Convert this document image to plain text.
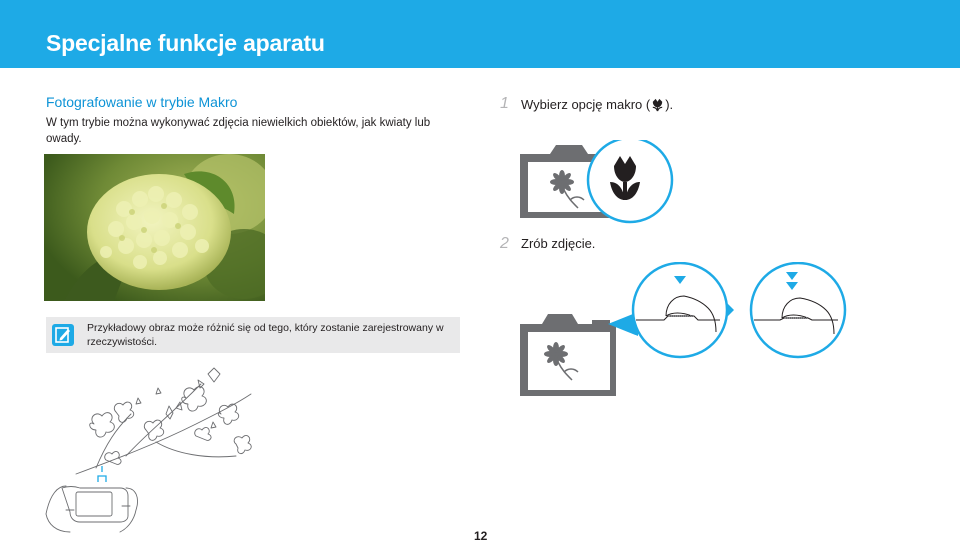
Specjalne funkcje aparatu
Fotografowanie w trybie Makro

W tym trybie można wykonywać zdjęcia niewielkich obiektów, jak kwiaty lub owady.

Przykładowy obraz może różnić się od tego, który zostanie zarejestrowany w rzeczywistości.

1 Wybierz opcję makro ( ).
2 Zrób zdjęcie.
12
